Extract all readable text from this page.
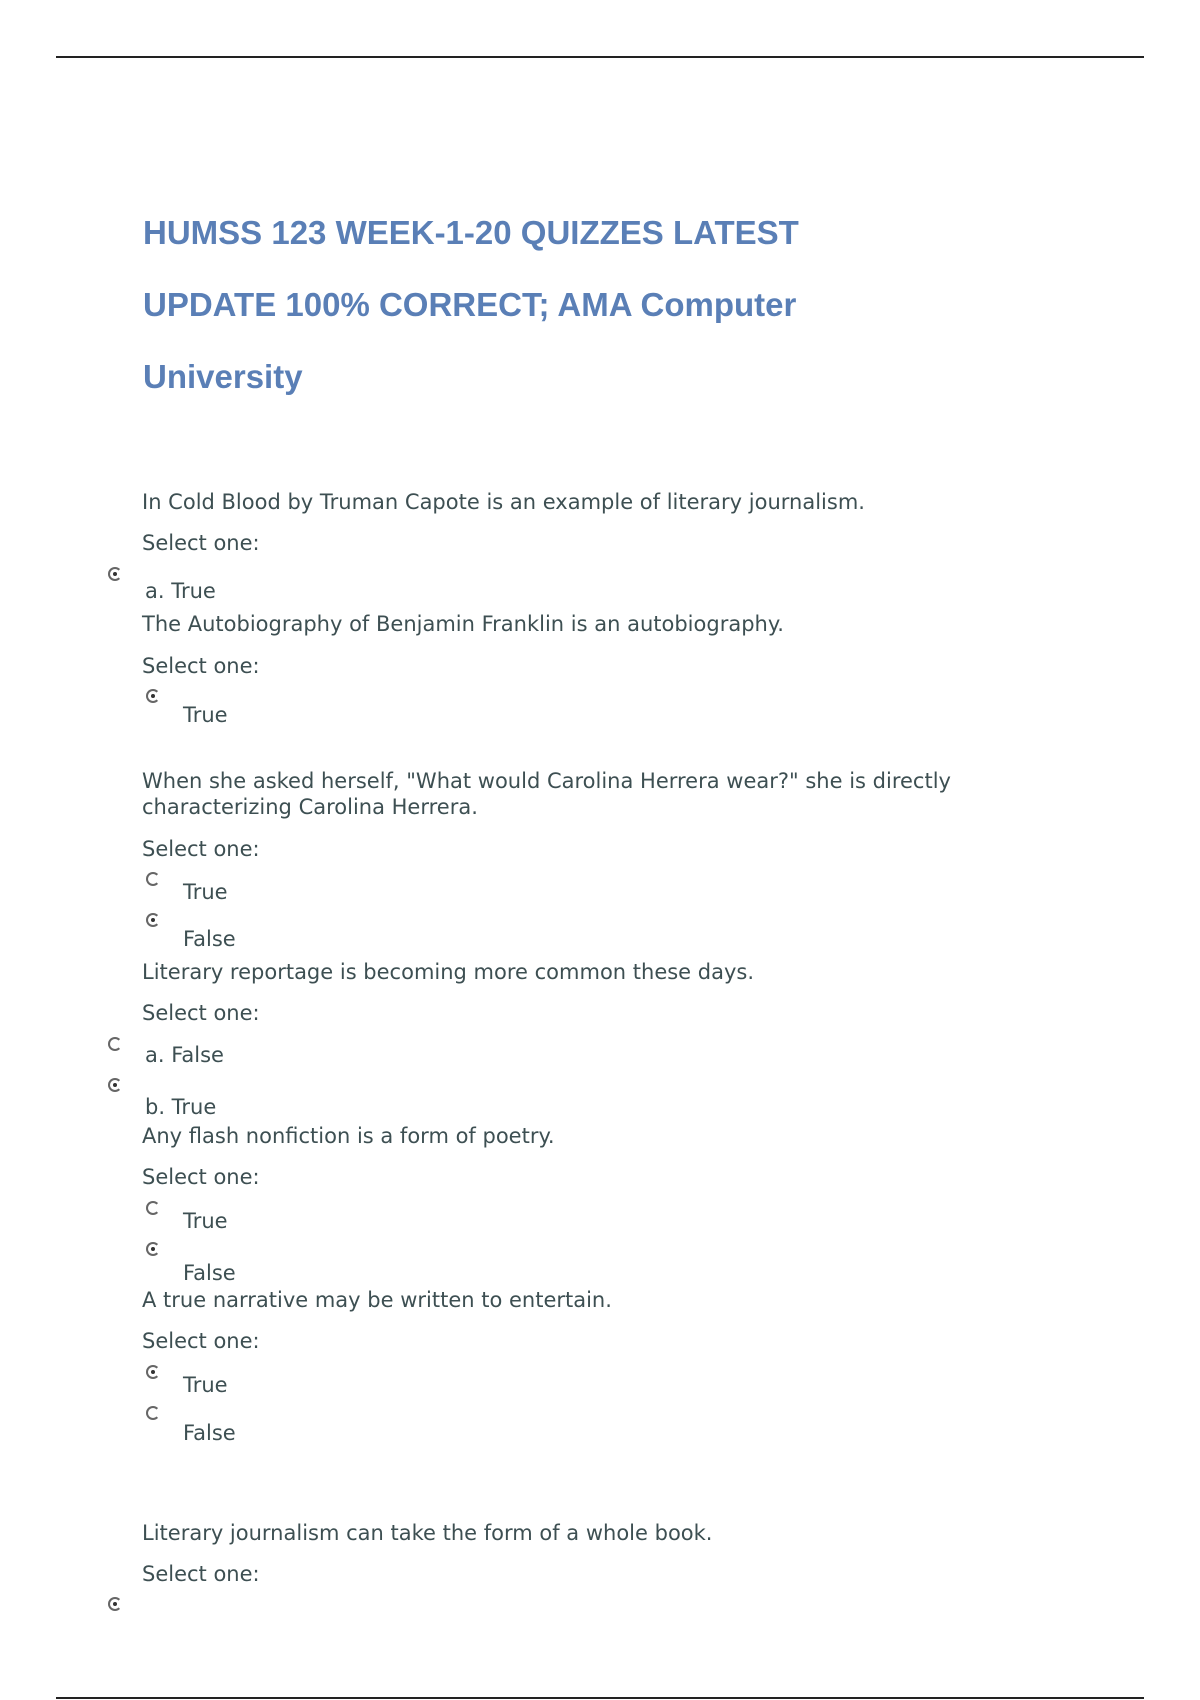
HUMSS 123 WEEK-1-20 QUIZZES LATEST
UPDATE 100% CORRECT; AMA Computer
University
In Cold Blood by Truman Capote is an example of literary journalism.
Select one:
a. True
The Autobiography of Benjamin Franklin is an autobiography.
Select one:
True
When she asked herself, "What would Carolina Herrera wear?" she is directly
characterizing Carolina Herrera.
Select one:
True
False
Literary reportage is becoming more common these days.
Select one:
a. False
b. True
Any flash nonfiction is a form of poetry.
Select one:
True
False
A true narrative may be written to entertain.
Select one:
True
False
Literary journalism can take the form of a whole book.
Select one:
